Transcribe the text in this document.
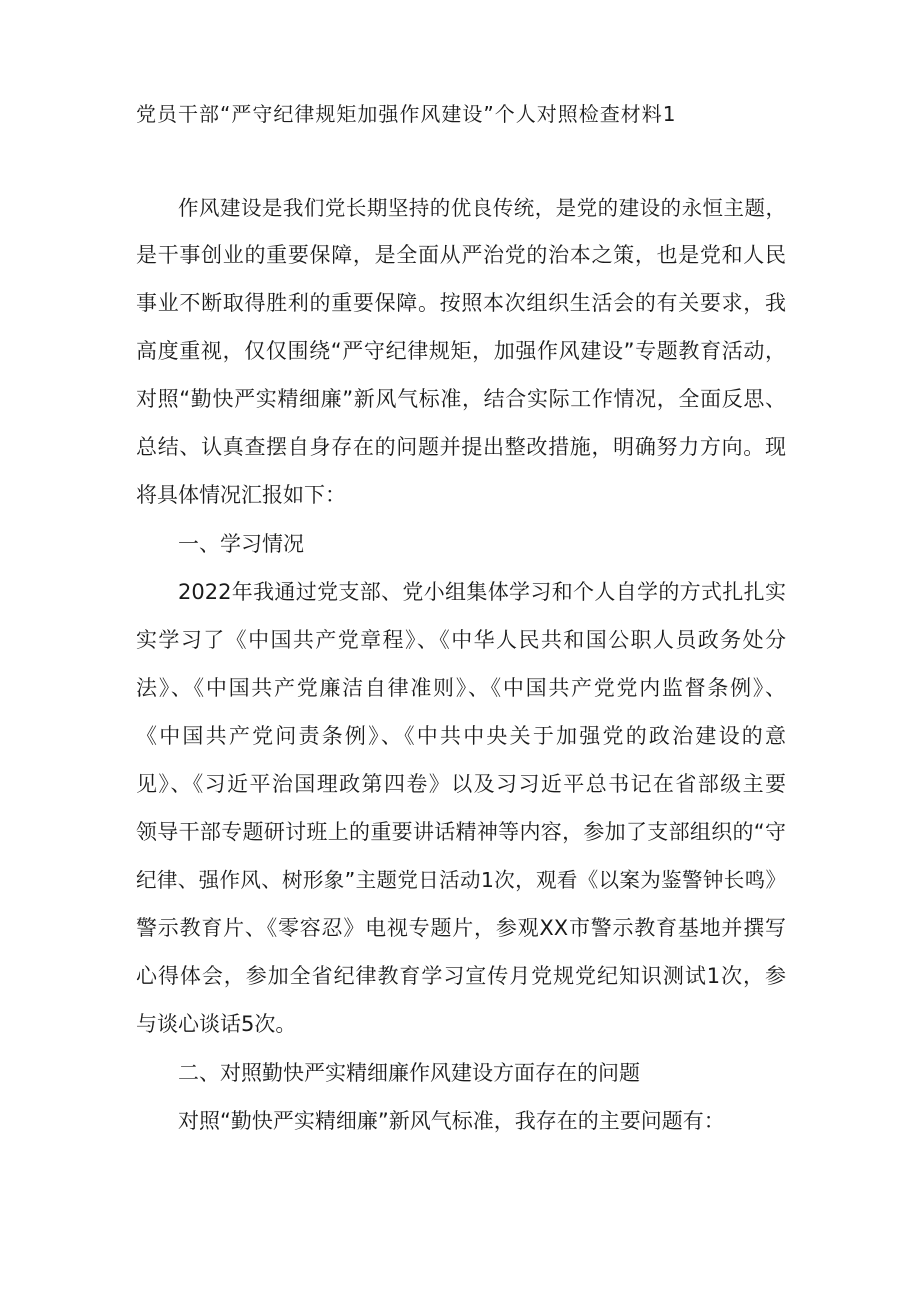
党员干部“严守纪律规矩加强作风建设”个人对照检查材料1
作风建设是我们党长期坚持的优良传统，是党的建设的永恒主题，
是干事创业的重要保障，是全面从严治党的治本之策，也是党和人民
事业不断取得胜利的重要保障。按照本次组织生活会的有关要求，我
高度重视，仅仅围绕“严守纪律规矩，加强作风建设”专题教育活动，
对照“勤快严实精细廉”新风气标准，结合实际工作情况，全面反思、
总结、认真查摆自身存在的问题并提出整改措施，明确努力方向。现
将具体情况汇报如下：
一、学习情况
2022年我通过党支部、党小组集体学习和个人自学的方式扎扎实
实学习了《中国共产党章程》、《中华人民共和国公职人员政务处分
法》、《中国共产党廉洁自律准则》、《中国共产党党内监督条例》、
《中国共产党问责条例》、《中共中央关于加强党的政治建设的意
见》、《习近平治国理政第四卷》以及习习近平总书记在省部级主要
领导干部专题研讨班上的重要讲话精神等内容，参加了支部组织的“守
纪律、强作风、树形象”主题党日活动1次，观看《以案为鉴警钟长鸣》
警示教育片、《零容忍》电视专题片，参观XX市警示教育基地并撰写
心得体会，参加全省纪律教育学习宣传月党规党纪知识测试1次，参
与谈心谈话5次。
二、对照勤快严实精细廉作风建设方面存在的问题
对照“勤快严实精细廉”新风气标准，我存在的主要问题有：
